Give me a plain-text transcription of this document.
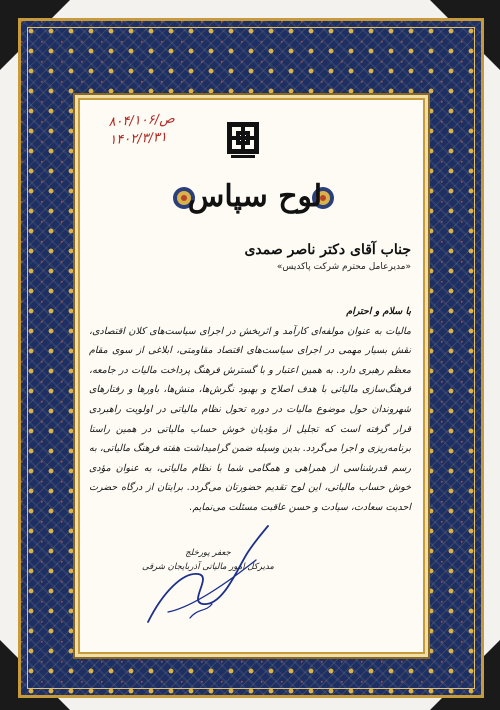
۸۰۴/۱۰۶/ص
۱۴۰۲/۳/۳۱
لوح سپاس
جناب آقای دکتر ناصر صمدی
«مدیرعامل محترم شرکت پاکدیس»
با سلام و احترام
مالیات به عنوان مولفه‌ای کارآمد و اثربخش در اجرای سیاست‌های کلان اقتصادی، نقش بسیار مهمی در اجرای سیاست‌های اقتصاد مقاومتی، ابلاغی از سوی مقام معظم رهبری دارد. به همین اعتبار و با گسترش فرهنگ پرداخت مالیات در جامعه، فرهنگ‌سازی مالیاتی با هدف اصلاح و بهبود نگرش‌ها، منش‌ها، باورها و رفتارهای شهروندان حول موضوع مالیات در دوره تحول نظام مالیاتی در اولویت راهبردی قرار گرفته است که تجلیل از مؤدیان خوش حساب مالیاتی در همین راستا برنامه‌ریزی و اجرا می‌گردد. بدین وسیله ضمن گرامیداشت هفته فرهنگ مالیاتی، به رسم قدرشناسی از همراهی و همگامی شما با نظام مالیاتی، به عنوان مؤدی خوش حساب مالیاتی، این لوح تقدیم حضورتان می‌گردد. برایتان از درگاه حضرت احدیت سعادت، سیادت و حسن عاقبت مسئلت می‌نمایم.
جعفر پورخلج
مدیرکل امور مالیاتی آذربایجان شرقی
